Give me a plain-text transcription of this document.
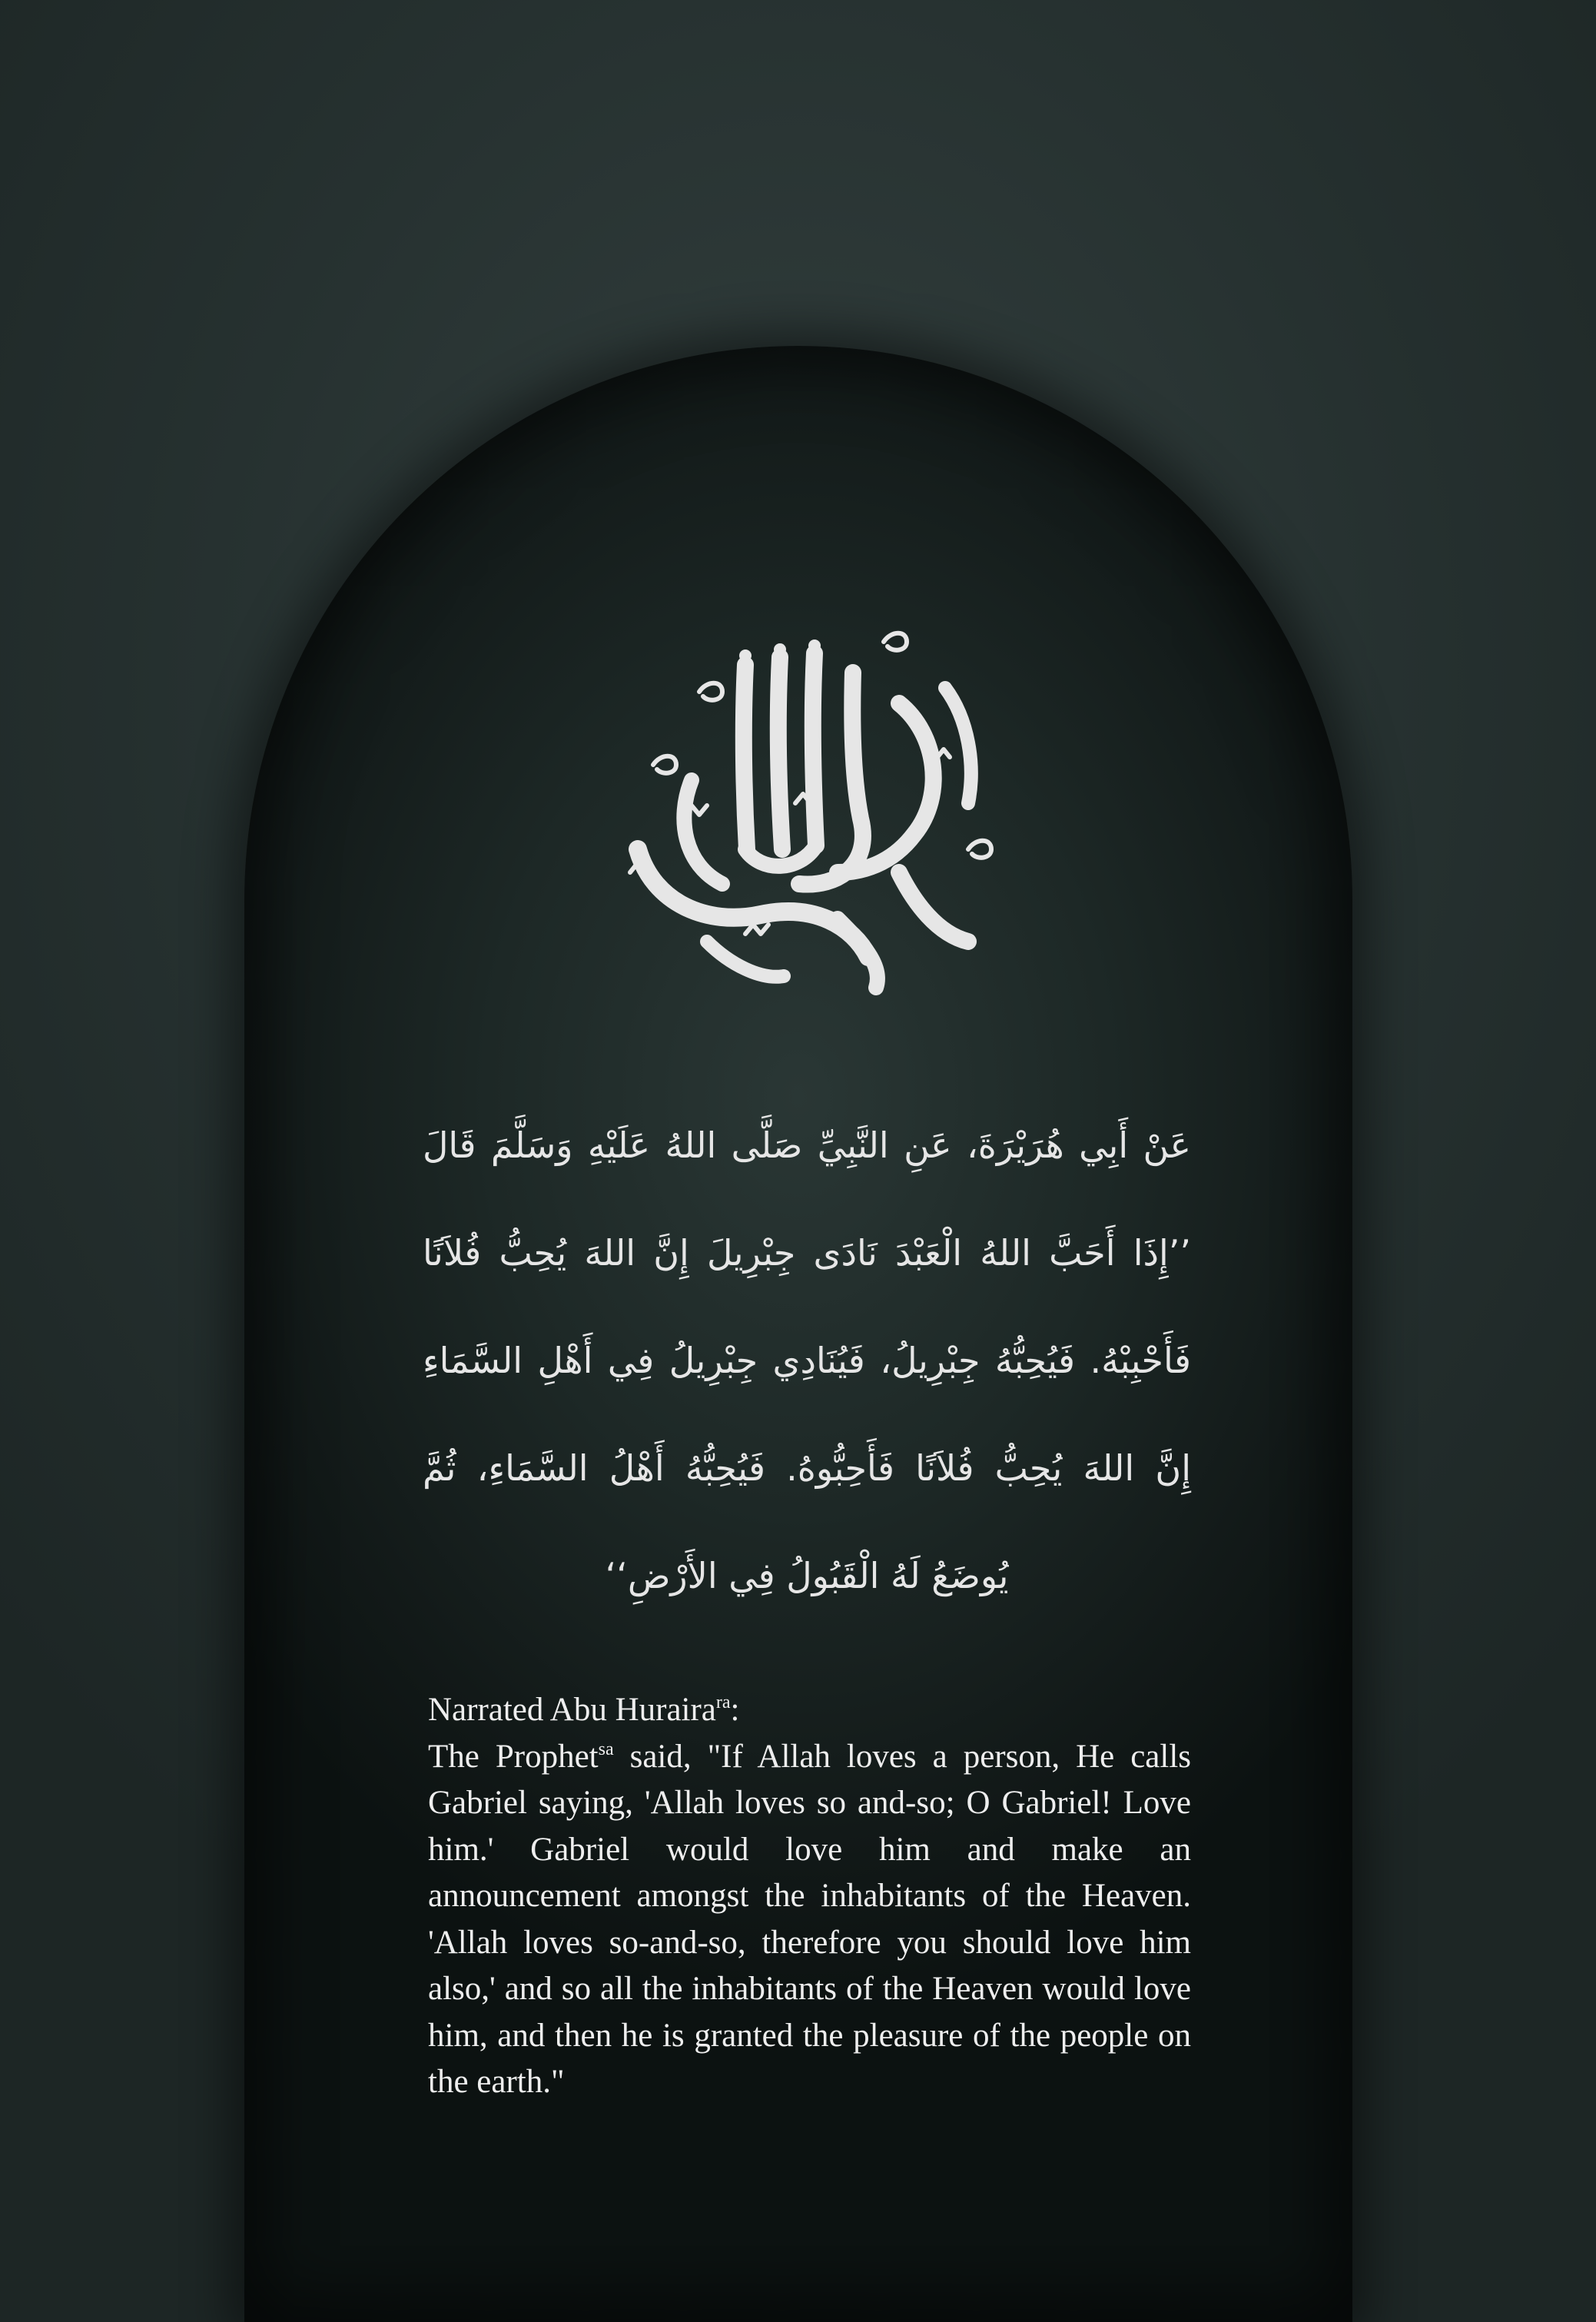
عَنْ أَبِي هُرَيْرَةَ، عَنِ النَّبِيِّ صَلَّى اللهُ عَلَيْهِ وَسَلَّمَ قَالَ ’’إِذَا أَحَبَّ اللهُ الْعَبْدَ نَادَى جِبْرِيلَ إِنَّ اللهَ يُحِبُّ فُلاَنًا فَأَحْبِبْهُ. فَيُحِبُّهُ جِبْرِيلُ، فَيُنَادِي جِبْرِيلُ فِي أَهْلِ السَّمَاءِ إِنَّ اللهَ يُحِبُّ فُلاَنًا فَأَحِبُّوهُ. فَيُحِبُّهُ أَهْلُ السَّمَاءِ، ثُمَّ يُوضَعُ لَهُ الْقَبُولُ فِي الأَرْضِ‘‘
Narrated Abu Huraira$^{ra}$:
The Prophet$^{sa}$ said, "If Allah loves a person, He calls Gabriel saying, 'Allah loves so and-so; O Gabriel! Love him.' Gabriel would love him and make an announcement amongst the inhabitants of the Heaven. 'Allah loves so-and-so, therefore you should love him also,' and so all the inhabitants of the Heaven would love him, and then he is granted the pleasure of the people on the earth."
